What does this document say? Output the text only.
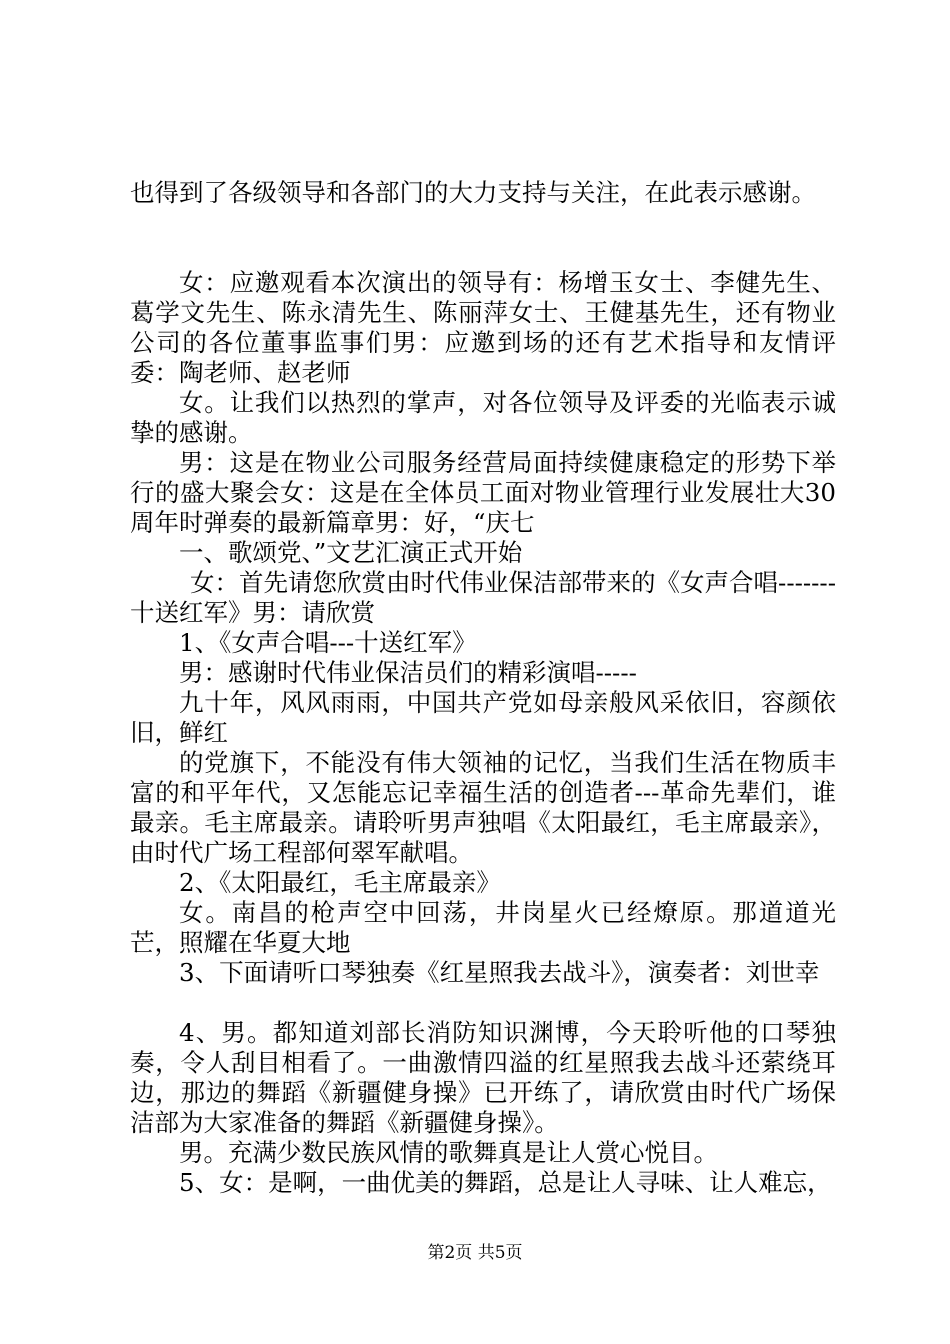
也得到了各级领导和各部门的大力支持与关注，在此表示感谢。

女：应邀观看本次演出的领导有：杨增玉女士、李健先生、葛学文先生、陈永清先生、陈丽萍女士、王健基先生，还有物业公司的各位董事监事们男：应邀到场的还有艺术指导和友情评委：陶老师、赵老师

女。让我们以热烈的掌声，对各位领导及评委的光临表示诚挚的感谢。

男：这是在物业公司服务经营局面持续健康稳定的形势下举行的盛大聚会女：这是在全体员工面对物业管理行业发展壮大30周年时弹奏的最新篇章男：好，“庆七

一、歌颂党、”文艺汇演正式开始

女：首先请您欣赏由时代伟业保洁部带来的《女声合唱-------十送红军》男：请欣赏

1、《女声合唱---十送红军》

男：感谢时代伟业保洁员们的精彩演唱-----

九十年，风风雨雨，中国共产党如母亲般风采依旧，容颜依旧，鲜红

的党旗下，不能没有伟大领袖的记忆，当我们生活在物质丰富的和平年代，又怎能忘记幸福生活的创造者---革命先辈们，谁最亲。毛主席最亲。请聆听男声独唱《太阳最红，毛主席最亲》，由时代广场工程部何翠军献唱。

2、《太阳最红，毛主席最亲》

女。南昌的枪声空中回荡，井岗星火已经燎原。那道道光芒，照耀在华夏大地

3、下面请听口琴独奏《红星照我去战斗》，演奏者：刘世幸

4、男。都知道刘部长消防知识渊博，今天聆听他的口琴独奏，令人刮目相看了。一曲激情四溢的红星照我去战斗还萦绕耳边，那边的舞蹈《新疆健身操》已开练了，请欣赏由时代广场保洁部为大家准备的舞蹈《新疆健身操》。

男。充满少数民族风情的歌舞真是让人赏心悦目。

5、女：是啊，一曲优美的舞蹈，总是让人寻味、让人难忘，

第2页 共5页
